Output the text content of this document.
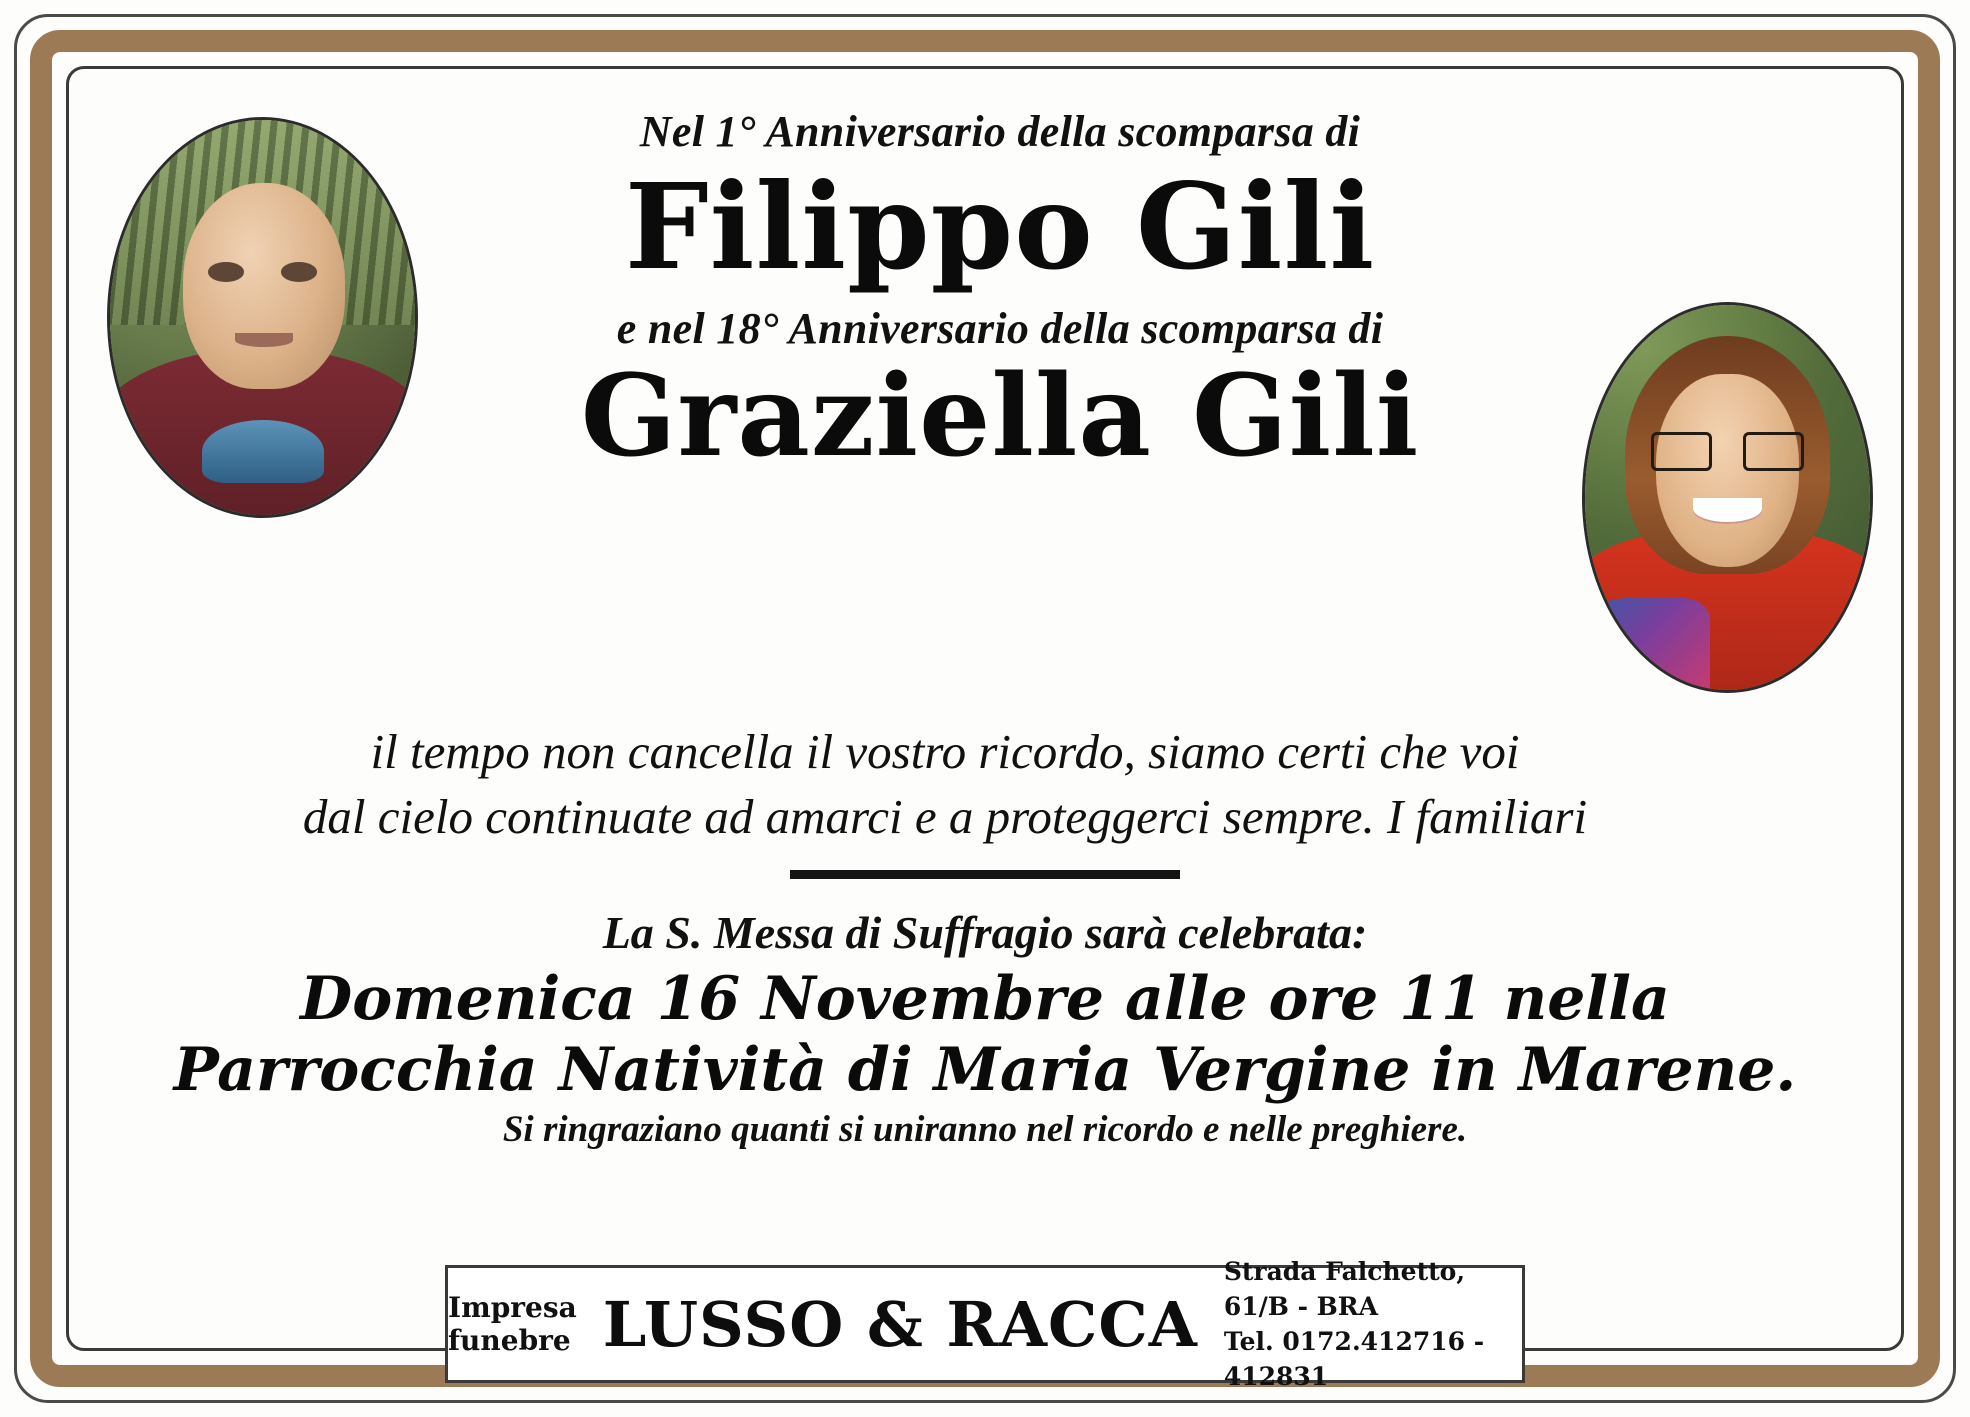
Nel 1° Anniversario della scomparsa di
Filippo Gili
e nel 18° Anniversario della scomparsa di
Graziella Gili
il tempo non cancella il vostro ricordo, siamo certi che voi
dal cielo continuate ad amarci e a proteggerci sempre. I familiari
La S. Messa di Suffragio sarà celebrata:
Domenica 16 Novembre alle ore 11 nella
Parrocchia Natività di Maria Vergine in Marene.
Si ringraziano quanti si uniranno nel ricordo e nelle preghiere.
Impresa
funebre LUSSO & RACCA
Strada Falchetto, 61/B - BRA
Tel. 0172.412716 - 412831
